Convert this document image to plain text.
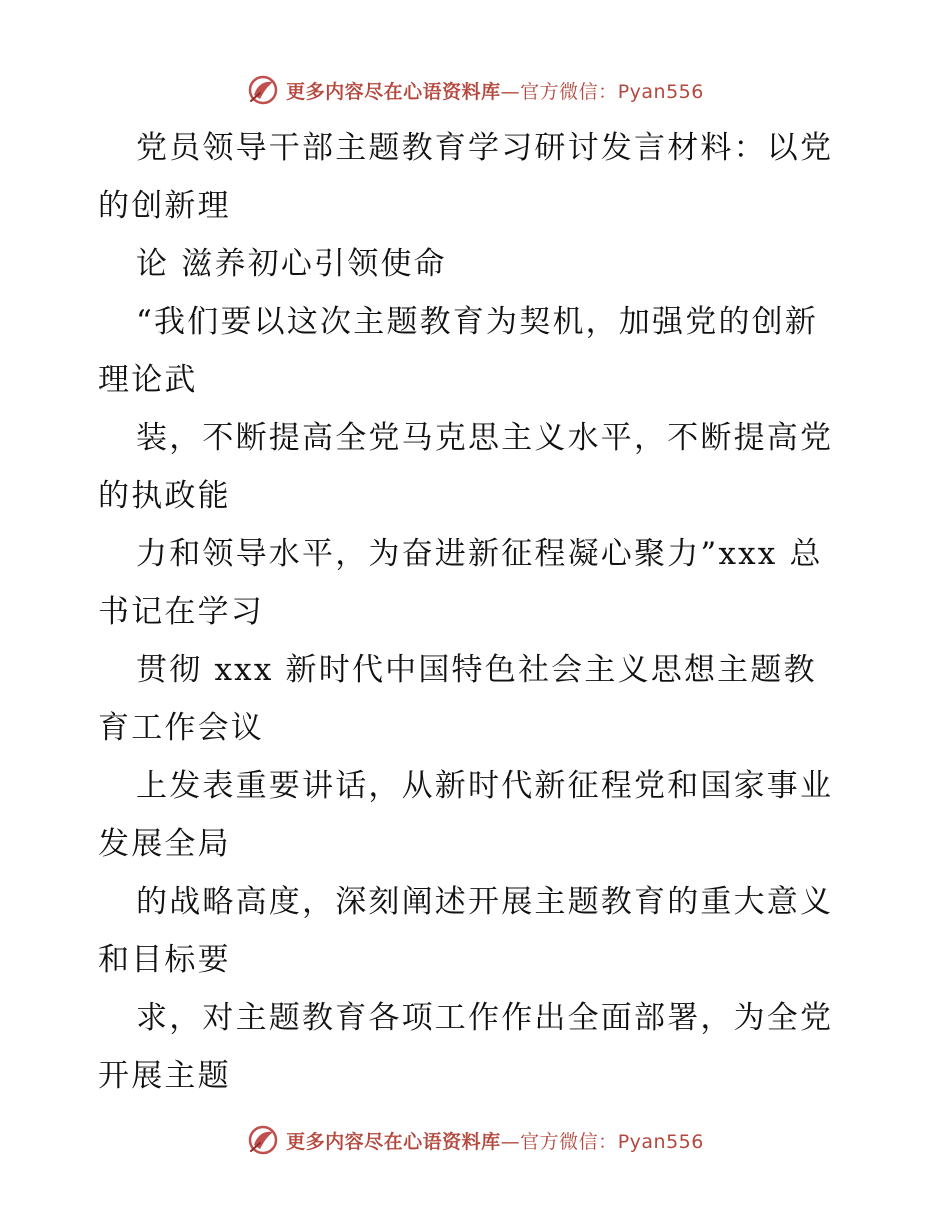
更多内容尽在心语资料库—官方微信：Pyan556
党员领导干部主题教育学习研讨发言材料：以党
的创新理
论 滋养初心引领使命
“我们要以这次主题教育为契机，加强党的创新
理论武
装，不断提高全党马克思主义水平，不断提高党
的执政能
力和领导水平，为奋进新征程凝心聚力”xxx 总
书记在学习
贯彻 xxx 新时代中国特色社会主义思想主题教
育工作会议
上发表重要讲话，从新时代新征程党和国家事业
发展全局
的战略高度，深刻阐述开展主题教育的重大意义
和目标要
求，对主题教育各项工作作出全面部署，为全党
开展主题
更多内容尽在心语资料库—官方微信：Pyan556
